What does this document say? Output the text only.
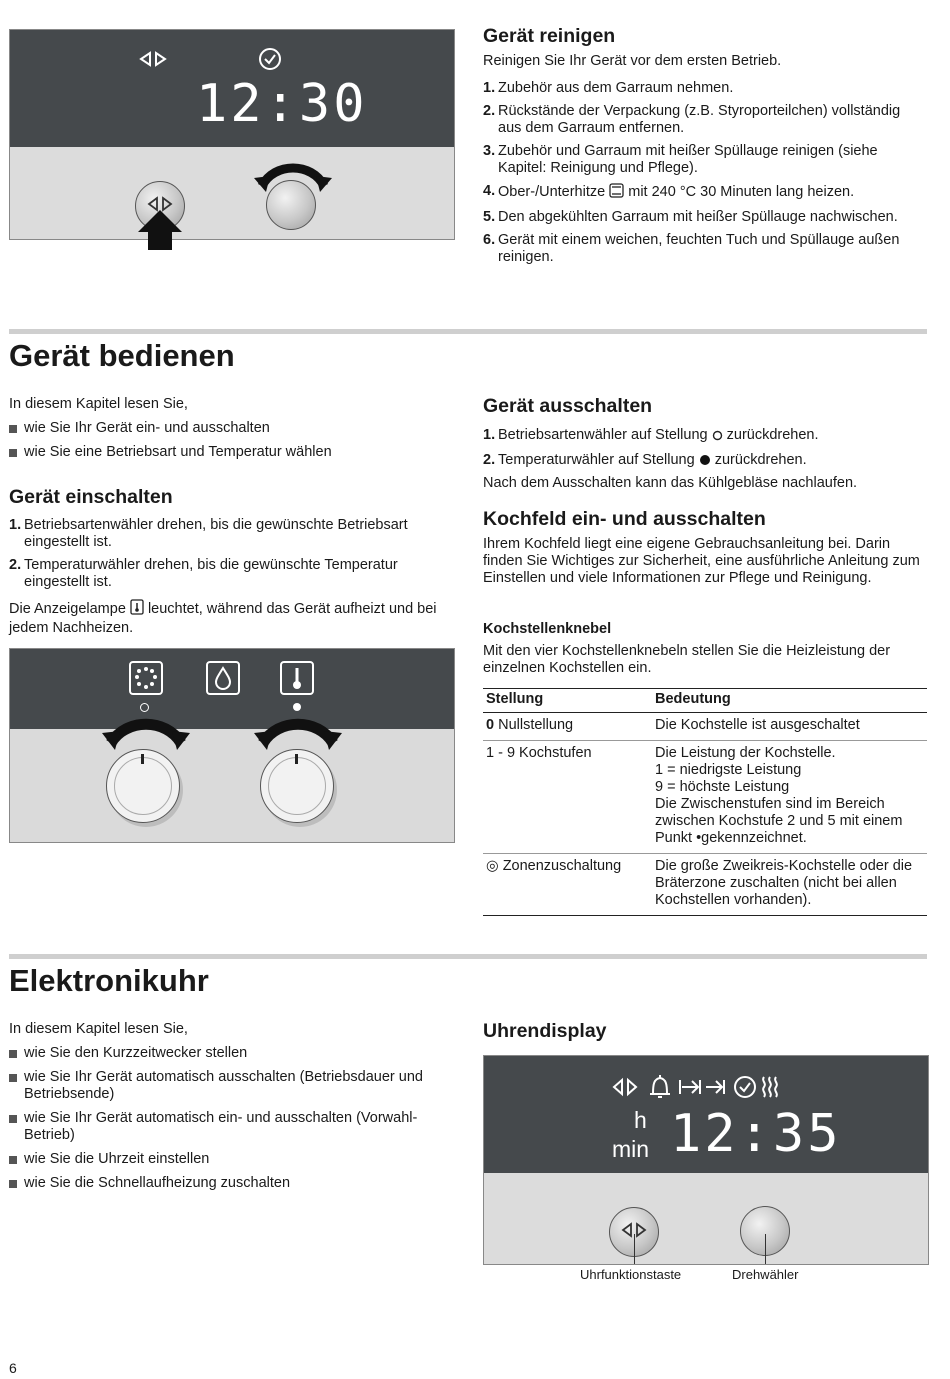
12:30
Gerät reinigen

Reinigen Sie Ihr Gerät vor dem ersten Betrieb.

1. Zubehör aus dem Garraum nehmen.
2. Rückstände der Verpackung (z.B. Styroporteilchen) vollständig aus dem Garraum entfernen.
3. Zubehör und Garraum mit heißer Spüllauge reinigen (siehe Kapitel: Reinigung und Pflege).
4. Ober-/Unterhitze mit 240 °C 30 Minuten lang heizen.
5. Den abgekühlten Garraum mit heißer Spüllauge nachwischen.
6. Gerät mit einem weichen, feuchten Tuch und Spüllauge außen reinigen.
Gerät bedienen

In diesem Kapitel lesen Sie,

wie Sie Ihr Gerät ein- und ausschalten
wie Sie eine Betriebsart und Temperatur wählen
Gerät einschalten
1. Betriebsartenwähler drehen, bis die gewünschte Betriebsart eingestellt ist.
2. Temperaturwähler drehen, bis die gewünschte Temperatur eingestellt ist.

Die Anzeigelampe leuchtet, während das Gerät aufheizt und bei jedem Nachheizen.

Gerät ausschalten
1. Betriebsartenwähler auf Stellung zurückdrehen.
2. Temperaturwähler auf Stellung zurückdrehen.

Nach dem Ausschalten kann das Kühlgebläse nachlaufen.

Kochfeld ein- und ausschalten

Ihrem Kochfeld liegt eine eigene Gebrauchsanleitung bei. Darin finden Sie Wichtiges zur Sicherheit, eine ausführliche Anleitung zum Einstellen und viele Informationen zur Pflege und Reinigung.

Kochstellenknebel

Mit den vier Kochstellenknebeln stellen Sie die Heizleistung der einzelnen Kochstellen ein.

Stellung	Bedeutung
0 Nullstellung	Die Kochstelle ist ausgeschaltet
1 - 9 Kochstufen	Die Leistung der Kochstelle.
1 = niedrigste Leistung
9 = höchste Leistung
Die Zwischenstufen sind im Bereich zwischen Kochstufe 2 und 5 mit einem Punkt •gekennzeichnet.

◎ Zonenzuschaltung	Die große Zweikreis-Kochstelle oder die Bräterzone zuschalten (nicht bei allen Kochstellen vorhanden).
Elektronikuhr

In diesem Kapitel lesen Sie,

wie Sie den Kurzzeitwecker stellen
wie Sie Ihr Gerät automatisch ausschalten (Betriebsdauer und Betriebsende)
wie Sie Ihr Gerät automatisch ein- und ausschalten (Vorwahl-Betrieb)
wie Sie die Uhrzeit einstellen
wie Sie die Schnellaufheizung zuschalten
Uhrendisplay
h
min 12:35
Uhrfunktionstaste	Drehwähler
6
